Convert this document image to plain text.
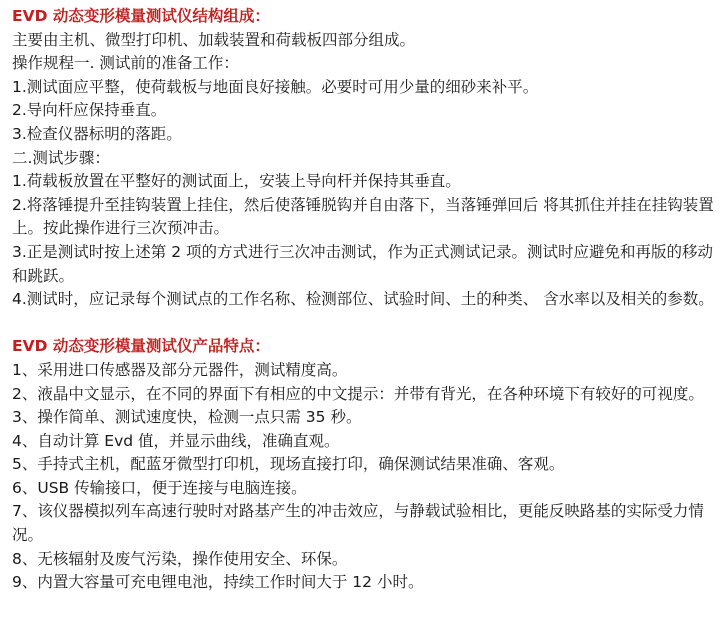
EVD 动态变形模量测试仪结构组成：

主要由主机、微型打印机、加载装置和荷载板四部分组成。

操作规程一. 测试前的准备工作：

1.测试面应平整，使荷载板与地面良好接触。必要时可用少量的细砂来补平。

2.导向杆应保持垂直。

3.检查仪器标明的落距。

二.测试步骤：

1.荷载板放置在平整好的测试面上，安装上导向杆并保持其垂直。

2.将落锤提升至挂钩装置上挂住，然后使落锤脱钩并自由落下，当落锤弹回后 将其抓住并挂在挂钩装置上。按此操作进行三次预冲击。

3.正是测试时按上述第 2 项的方式进行三次冲击测试，作为正式测试记录。测试时应避免和再版的移动和跳跃。

4.测试时，应记录每个测试点的工作名称、检测部位、试验时间、土的种类、 含水率以及相关的参数。

EVD 动态变形模量测试仪产品特点：

1、采用进口传感器及部分元器件，测试精度高。

2、液晶中文显示，在不同的界面下有相应的中文提示：并带有背光，在各种环境下有较好的可视度。

3、操作简单、测试速度快，检测一点只需 35 秒。

4、自动计算 Evd 值，并显示曲线，准确直观。

5、手持式主机，配蓝牙微型打印机，现场直接打印，确保测试结果准确、客观。

6、USB 传输接口，便于连接与电脑连接。

7、该仪器模拟列车高速行驶时对路基产生的冲击效应，与静载试验相比，更能反映路基的实际受力情况。

8、无核辐射及废气污染，操作使用安全、环保。

9、内置大容量可充电锂电池，持续工作时间大于 12 小时。
